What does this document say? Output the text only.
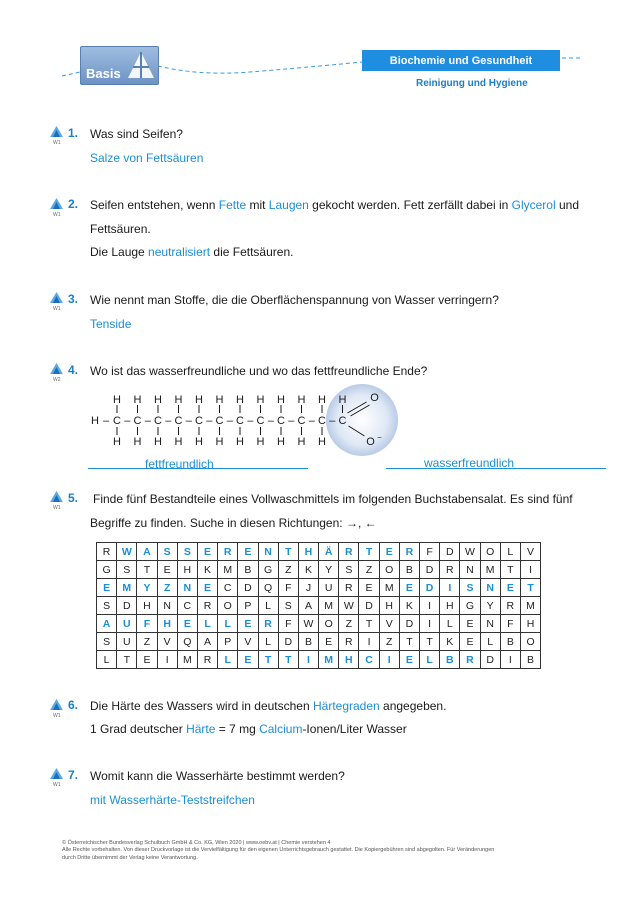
Basis
Biochemie und Gesundheit
Reinigung und Hygiene
W1
1. Was sind Seifen?
Salze von Fettsäuren
W1
2. Seifen entstehen, wenn Fette mit Laugen gekocht werden. Fett zerfällt dabei in Glycerol und
Fettsäuren.
Die Lauge neutralisiert die Fettsäuren.
W1
3. Wie nennt man Stoffe, die die Oberflächenspannung von Wasser verringern?
Tenside
W2
4. Wo ist das wasserfreundliche und wo das fettfreundliche Ende?
H – C –
H
H
C –
H
H
C –
H
H
C –
H
H
C –
H
H
C –
H
H
C –
H
H
C –
H
H
C –
H
H
C –
H
H
C –
H
H
C
H O
O −
fettfreundlich	wasserfreundlich
W1
5. Finde fünf Bestandteile eines Vollwaschmittels im folgenden Buchstabensalat. Es sind fünf
Begriffe zu finden. Suche in diesen Richtungen: →, ←
R	W	A	S	S	E	R	E	N	T	H	Ä	R	T	E	R	F	D	W	O	L	V
G	S	T	E	H	K	M	B	G	Z	K	Y	S	Z	O	B	D	R	N	M	T	I
E	M	Y	Z	N	E	C	D	Q	F	J	U	R	E	M	E	D	I	S	N	E	T
S	D	H	N	C	R	O	P	L	S	A	M	W	D	H	K	I	H	G	Y	R	M
A	U	F	H	E	L	L	E	R	F	W	O	Z	T	V	D	I	L	E	N	F	H
S	U	Z	V	Q	A	P	V	L	D	B	E	R	I	Z	T	T	K	E	L	B	O
L	T	E	I	M	R	L	E	T	T	I	M	H	C	I	E	L	B	R	D	I	B
W1
6. Die Härte des Wassers wird in deutschen Härtegraden angegeben.
1 Grad deutscher Härte = 7 mg Calcium-Ionen/Liter Wasser
W1
7. Womit kann die Wasserhärte bestimmt werden?
mit Wasserhärte-Teststreifchen
© Österreichischer Bundesverlag Schulbuch GmbH & Co. KG, Wien 2020 | www.oebv.at | Chemie verstehen 4
Alle Rechte vorbehalten. Von dieser Druckvorlage ist die Vervielfältigung für den eigenen Unterrichtsgebrauch gestattet. Die Kopiergebühren sind abgegolten. Für Veränderungen
durch Dritte übernimmt der Verlag keine Verantwortung.
